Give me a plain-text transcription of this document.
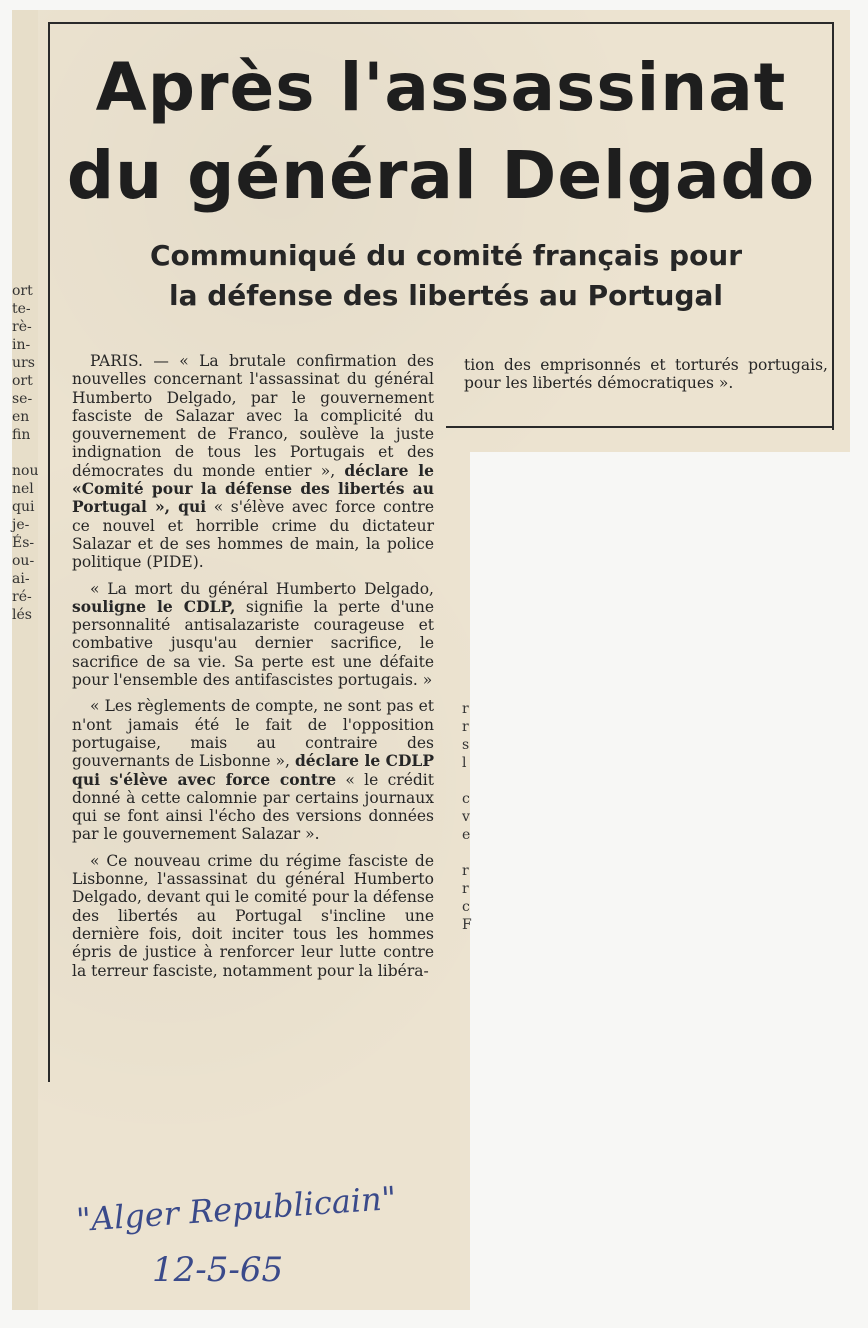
ort
te-
rè-
in-
urs
ort
se-
en
fin

nou
nel
qui
je-
És-
ou-
ai-
ré-
lés
r
r
s
l

c
v
e

r
r
c
F
Après l'assassinat
du général Delgado
Communiqué du comité français pour
la défense des libertés au Portugal

PARIS. — « La brutale confirmation des nouvelles concernant l'assassinat du général Humberto Delgado, par le gouvernement fasciste de Salazar avec la complicité du gouvernement de Franco, soulève la juste indignation de tous les Portugais et des démocrates du monde entier », déclare le «Comité pour la défense des libertés au Portugal », qui « s'élève avec force contre ce nouvel et horrible crime du dictateur Salazar et de ses hommes de main, la police politique (PIDE).

« La mort du général Humberto Delgado, souligne le CDLP, signifie la perte d'une personnalité antisalazariste courageuse et combative jusqu'au dernier sacrifice, le sacrifice de sa vie. Sa perte est une défaite pour l'ensemble des antifascistes portugais. »

« Les règlements de compte, ne sont pas et n'ont jamais été le fait de l'opposition portugaise, mais au contraire des gouvernants de Lisbonne », déclare le CDLP qui s'élève avec force contre « le crédit donné à cette calomnie par certains journaux qui se font ainsi l'écho des versions données par le gouvernement Salazar ».

« Ce nouveau crime du régime fasciste de Lisbonne, l'assassinat du général Humberto Delgado, devant qui le comité pour la défense des libertés au Portugal s'incline une dernière fois, doit inciter tous les hommes épris de justice à renforcer leur lutte contre la terreur fasciste, notamment pour la libéra-

tion des emprisonnés et torturés portugais, pour les libertés démocratiques ».

"Alger Republicain"
12-5-65
